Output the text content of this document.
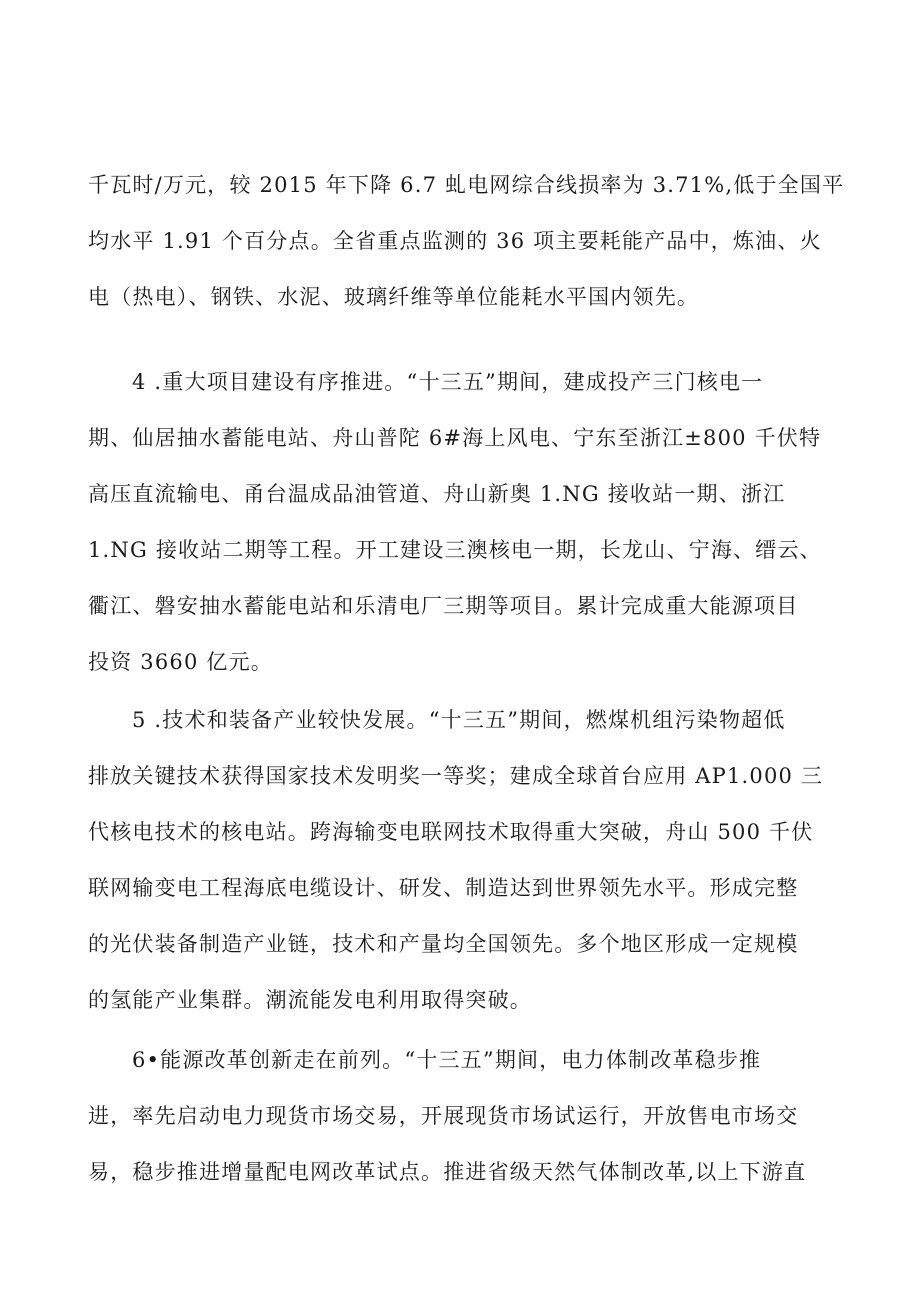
千瓦时/万元，较 2015 年下降 6.7 虬电网综合线损率为 3.71%,低于全国平
均水平 1.91 个百分点。全省重点监测的 36 项主要耗能产品中，炼油、火
电（热电）、钢铁、水泥、玻璃纤维等单位能耗水平国内领先。
4 .重大项目建设有序推进。“十三五”期间，建成投产三门核电一
期、仙居抽水蓄能电站、舟山普陀 6#海上风电、宁东至浙江±800 千伏特
高压直流输电、甬台温成品油管道、舟山新奥 1.NG 接收站一期、浙江
1.NG 接收站二期等工程。开工建设三澳核电一期，长龙山、宁海、缙云、
衢江、磐安抽水蓄能电站和乐清电厂三期等项目。累计完成重大能源项目
投资 3660 亿元。
5 .技术和装备产业较快发展。“十三五”期间，燃煤机组污染物超低
排放关键技术获得国家技术发明奖一等奖；建成全球首台应用 AP1.000 三
代核电技术的核电站。跨海输变电联网技术取得重大突破，舟山 500 千伏
联网输变电工程海底电缆设计、研发、制造达到世界领先水平。形成完整
的光伏装备制造产业链，技术和产量均全国领先。多个地区形成一定规模
的氢能产业集群。潮流能发电利用取得突破。
6•能源改革创新走在前列。“十三五”期间，电力体制改革稳步推
进，率先启动电力现货市场交易，开展现货市场试运行，开放售电市场交
易，稳步推进增量配电网改革试点。推进省级天然气体制改革,以上下游直
